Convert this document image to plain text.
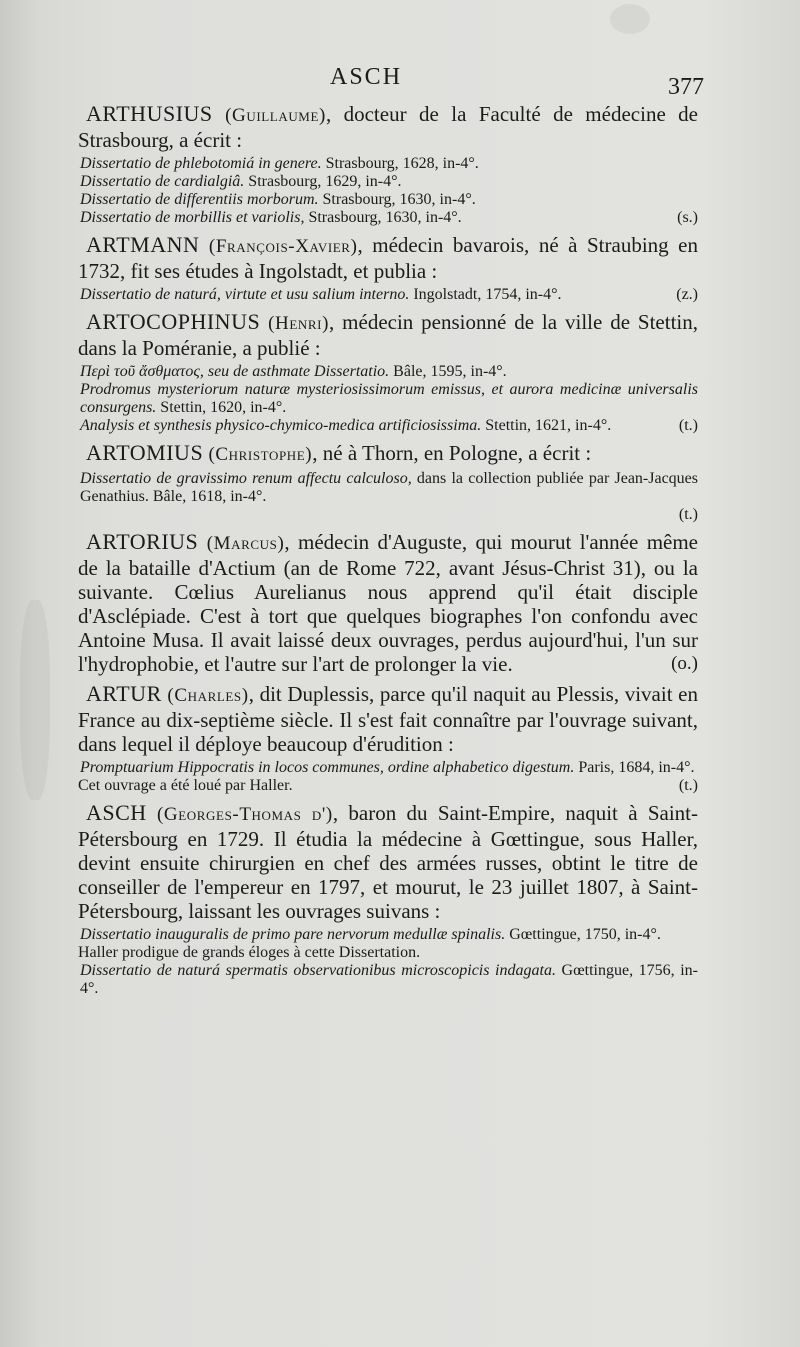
ASCH	377

ARTHUSIUS (Guillaume), docteur de la Faculté de médecine de Strasbourg, a écrit :

Dissertatio de phlebotomiá in genere. Strasbourg, 1628, in-4°.

Dissertatio de cardialgiâ. Strasbourg, 1629, in-4°.

Dissertatio de differentiis morborum. Strasbourg, 1630, in-4°.

Dissertatio de morbillis et variolis, Strasbourg, 1630, in-4°.	(s.)

ARTMANN (François-Xavier), médecin bavarois, né à Straubing en 1732, fit ses études à Ingolstadt, et publia :

Dissertatio de naturá, virtute et usu salium interno. Ingolstadt, 1754, in-4°.	(z.)

ARTOCOPHINUS (Henri), médecin pensionné de la ville de Stettin, dans la Poméranie, a publié :

Περὶ τοῦ ἄσθματος, seu de asthmate Dissertatio. Bâle, 1595, in-4°.

Prodromus mysteriorum naturæ mysteriosissimorum emissus, et aurora medicinæ universalis consurgens. Stettin, 1620, in-4°.

Analysis et synthesis physico-chymico-medica artificiosissima. Stettin, 1621, in-4°.	(t.)

ARTOMIUS (Christophe), né à Thorn, en Pologne, a écrit :

Dissertatio de gravissimo renum affectu calculoso, dans la collection publiée par Jean-Jacques Genathius. Bâle, 1618, in-4°.

(t.)

ARTORIUS (Marcus), médecin d'Auguste, qui mourut l'année même de la bataille d'Actium (an de Rome 722, avant Jésus-Christ 31), ou la suivante. Cœlius Aurelianus nous apprend qu'il était disciple d'Asclépiade. C'est à tort que quelques biographes l'on confondu avec Antoine Musa. Il avait laissé deux ouvrages, perdus aujourd'hui, l'un sur l'hydrophobie, et l'autre sur l'art de prolonger la vie.	(o.)

ARTUR (Charles), dit Duplessis, parce qu'il naquit au Plessis, vivait en France au dix-septième siècle. Il s'est fait connaître par l'ouvrage suivant, dans lequel il déploye beaucoup d'érudition :

Promptuarium Hippocratis in locos communes, ordine alphabetico digestum. Paris, 1684, in-4°.

Cet ouvrage a été loué par Haller.	(t.)

ASCH (Georges-Thomas d'), baron du Saint-Empire, naquit à Saint-Pétersbourg en 1729. Il étudia la médecine à Gœttingue, sous Haller, devint ensuite chirurgien en chef des armées russes, obtint le titre de conseiller de l'empereur en 1797, et mourut, le 23 juillet 1807, à Saint-Pétersbourg, laissant les ouvrages suivans :

Dissertatio inauguralis de primo pare nervorum medullæ spinalis. Gœttingue, 1750, in-4°.

Haller prodigue de grands éloges à cette Dissertation.

Dissertatio de naturá spermatis observationibus microscopicis indagata. Gœttingue, 1756, in-4°.
